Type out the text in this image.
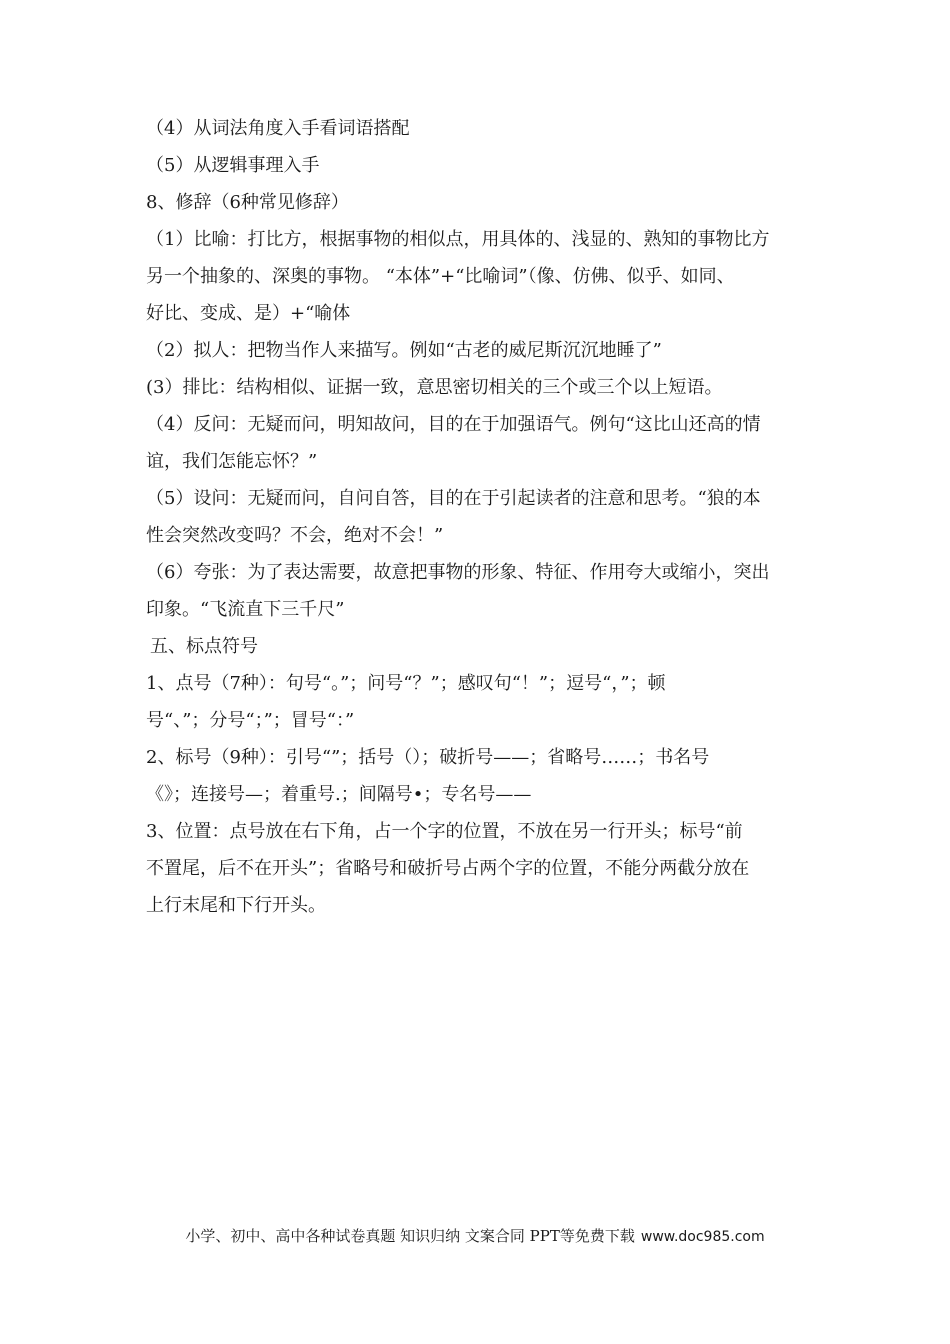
（4）从词法角度入手看词语搭配
（5）从逻辑事理入手
8、修辞（6种常见修辞）
（1）比喻：打比方，根据事物的相似点，用具体的、浅显的、熟知的事物比方
另一个抽象的、深奥的事物。 “本体”+“比喻词”（像、仿佛、似乎、如同、
好比、变成、是）+“喻体
（2）拟人：把物当作人来描写。例如“古老的威尼斯沉沉地睡了”
(3）排比：结构相似、证据一致，意思密切相关的三个或三个以上短语。
（4）反问：无疑而问，明知故问，目的在于加强语气。例句“这比山还高的情
谊，我们怎能忘怀？”
（5）设问：无疑而问，自问自答，目的在于引起读者的注意和思考。“狼的本
性会突然改变吗？不会，绝对不会！”
（6）夸张：为了表达需要，故意把事物的形象、特征、作用夸大或缩小，突出
印象。“飞流直下三千尺”
五、标点符号
1、点号（7种）：句号“。”；问号“？”；感叹句“！”；逗号“，”；顿
号“、”；分号“；”；冒号“：”
2、标号（9种）：引号“”；括号（）；破折号——；省略号……；书名号
《》；连接号—；着重号.；间隔号•；专名号——
3、位置：点号放在右下角，占一个字的位置，不放在另一行开头；标号“前
不置尾，后不在开头”；省略号和破折号占两个字的位置，不能分两截分放在
上行末尾和下行开头。
小学、初中、高中各种试卷真题 知识归纳 文案合同 PPT等免费下载 www.doc985.com
